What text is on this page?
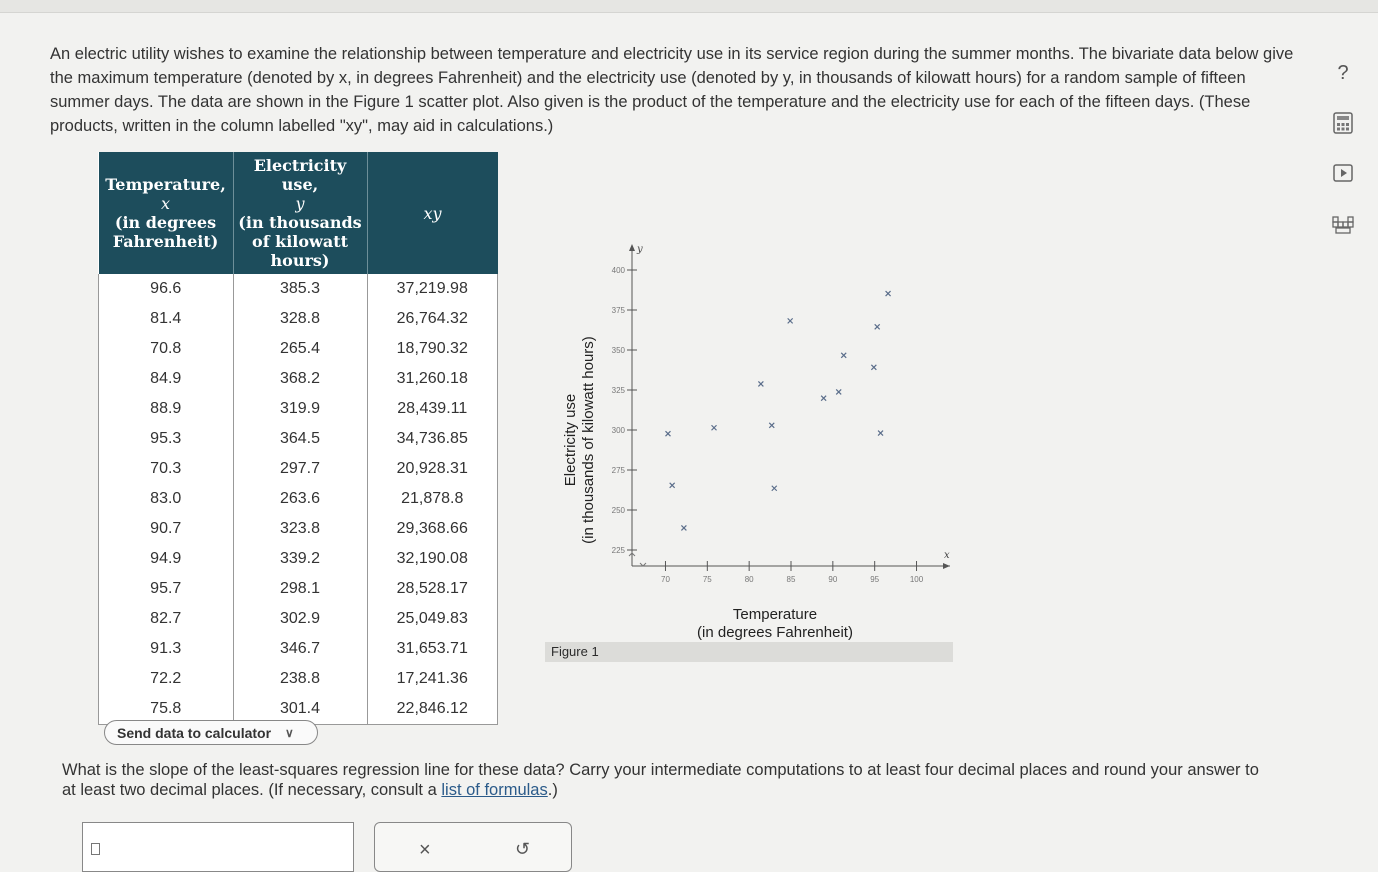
An electric utility wishes to examine the relationship between temperature and electricity use in its service region during the summer months. The bivariate data below give the maximum temperature (denoted by x, in degrees Fahrenheit) and the electricity use (denoted by y, in thousands of kilowatt hours) for a random sample of fifteen summer days. The data are shown in the Figure 1 scatter plot. Also given is the product of the temperature and the electricity use for each of the fifteen days. (These products, written in the column labelled "xy", may aid in calculations.)
Temperature,
x
(in degrees Fahrenheit)	Electricity use,
y
(in thousands of kilowatt hours)	xy

96.6	385.3	37,219.98
81.4	328.8	26,764.32
70.8	265.4	18,790.32
84.9	368.2	31,260.18
88.9	319.9	28,439.11
95.3	364.5	34,736.85
70.3	297.7	20,928.31
83.0	263.6	21,878.8
90.7	323.8	29,368.66
94.9	339.2	32,190.08
95.7	298.1	28,528.17
82.7	302.9	25,049.83
91.3	346.7	31,653.71
72.2	238.8	17,241.36
75.8	301.4	22,846.12
Send data to calculator ∨
x
y
70	75	80	85	90	95	100
225
250
275
300
325
350
375
400
Electricity use (in thousands of kilowatt hours)
Temperature
(in degrees Fahrenheit)
Figure 1
What is the slope of the least-squares regression line for these data? Carry your intermediate computations to at least four decimal places and round your answer to at least two decimal places. (If necessary, consult a list of formulas.)
×	↺
?
